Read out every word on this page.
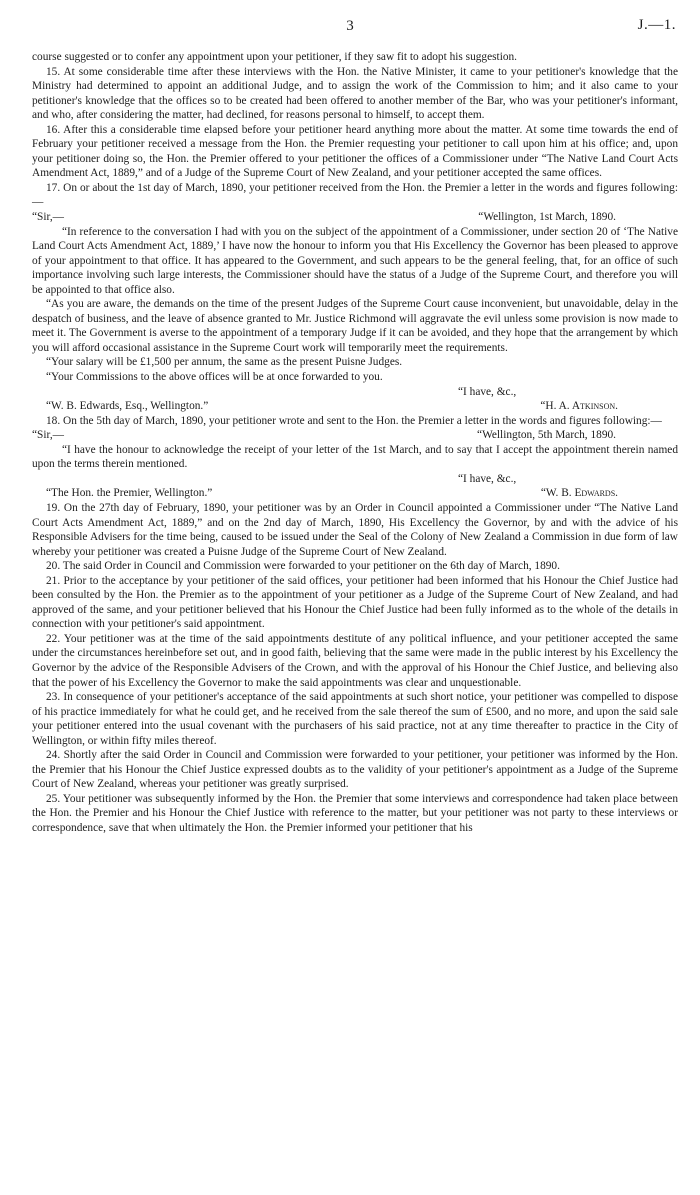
3	J.—1.

course suggested or to confer any appointment upon your petitioner, if they saw fit to adopt his suggestion.

15. At some considerable time after these interviews with the Hon. the Native Minister, it came to your petitioner's knowledge that the Ministry had determined to appoint an additional Judge, and to assign the work of the Commission to him; and it also came to your petitioner's knowledge that the offices so to be created had been offered to another member of the Bar, who was your petitioner's informant, and who, after considering the matter, had declined, for reasons personal to himself, to accept them.

16. After this a considerable time elapsed before your petitioner heard anything more about the matter. At some time towards the end of February your petitioner received a message from the Hon. the Premier requesting your petitioner to call upon him at his office; and, upon your petitioner doing so, the Hon. the Premier offered to your petitioner the offices of a Commissioner under “The Native Land Court Acts Amendment Act, 1889,” and of a Judge of the Supreme Court of New Zealand, and your petitioner accepted the same offices.

17. On or about the 1st day of March, 1890, your petitioner received from the Hon. the Premier a letter in the words and figures following:—

“Sir,—	“Wellington, 1st March, 1890.

“In reference to the conversation I had with you on the subject of the appointment of a Commissioner, under section 20 of ‘The Native Land Court Acts Amendment Act, 1889,’ I have now the honour to inform you that His Excellency the Governor has been pleased to approve of your appointment to that office. It has appeared to the Government, and such appears to be the general feeling, that, for an office of such importance involving such large interests, the Commissioner should have the status of a Judge of the Supreme Court, and therefore you will be appointed to that office also.

“As you are aware, the demands on the time of the present Judges of the Supreme Court cause inconvenient, but unavoidable, delay in the despatch of business, and the leave of absence granted to Mr. Justice Richmond will aggravate the evil unless some provision is now made to meet it. The Government is averse to the appointment of a temporary Judge if it can be avoided, and they hope that the arrangement by which you will afford occasional assistance in the Supreme Court work will temporarily meet the requirements.

“Your salary will be £1,500 per annum, the same as the present Puisne Judges.

“Your Commissions to the above offices will be at once forwarded to you.

“I have, &c.,

“W. B. Edwards, Esq., Wellington.”	“H. A. Atkinson.

18. On the 5th day of March, 1890, your petitioner wrote and sent to the Hon. the Premier a letter in the words and figures following:—

“Sir,—	“Wellington, 5th March, 1890.

“I have the honour to acknowledge the receipt of your letter of the 1st March, and to say that I accept the appointment therein named upon the terms therein mentioned.

“I have, &c.,

“The Hon. the Premier, Wellington.”	“W. B. Edwards.

19. On the 27th day of February, 1890, your petitioner was by an Order in Council appointed a Commissioner under “The Native Land Court Acts Amendment Act, 1889,” and on the 2nd day of March, 1890, His Excellency the Governor, by and with the advice of his Responsible Advisers for the time being, caused to be issued under the Seal of the Colony of New Zealand a Commission in due form of law whereby your petitioner was created a Puisne Judge of the Supreme Court of New Zealand.

20. The said Order in Council and Commission were forwarded to your petitioner on the 6th day of March, 1890.

21. Prior to the acceptance by your petitioner of the said offices, your petitioner had been informed that his Honour the Chief Justice had been consulted by the Hon. the Premier as to the appointment of your petitioner as a Judge of the Supreme Court of New Zealand, and had approved of the same, and your petitioner believed that his Honour the Chief Justice had been fully informed as to the whole of the details in connection with your petitioner's said appointment.

22. Your petitioner was at the time of the said appointments destitute of any political influence, and your petitioner accepted the same under the circumstances hereinbefore set out, and in good faith, believing that the same were made in the public interest by his Excellency the Governor by the advice of the Responsible Advisers of the Crown, and with the approval of his Honour the Chief Justice, and believing also that the power of his Excellency the Governor to make the said appointments was clear and unquestionable.

23. In consequence of your petitioner's acceptance of the said appointments at such short notice, your petitioner was compelled to dispose of his practice immediately for what he could get, and he received from the sale thereof the sum of £500, and no more, and upon the said sale your petitioner entered into the usual covenant with the purchasers of his said practice, not at any time thereafter to practice in the City of Wellington, or within fifty miles thereof.

24. Shortly after the said Order in Council and Commission were forwarded to your petitioner, your petitioner was informed by the Hon. the Premier that his Honour the Chief Justice expressed doubts as to the validity of your petitioner's appointment as a Judge of the Supreme Court of New Zealand, whereas your petitioner was greatly surprised.

25. Your petitioner was subsequently informed by the Hon. the Premier that some interviews and correspondence had taken place between the Hon. the Premier and his Honour the Chief Justice with reference to the matter, but your petitioner was not party to these interviews or correspondence, save that when ultimately the Hon. the Premier informed your petitioner that his
